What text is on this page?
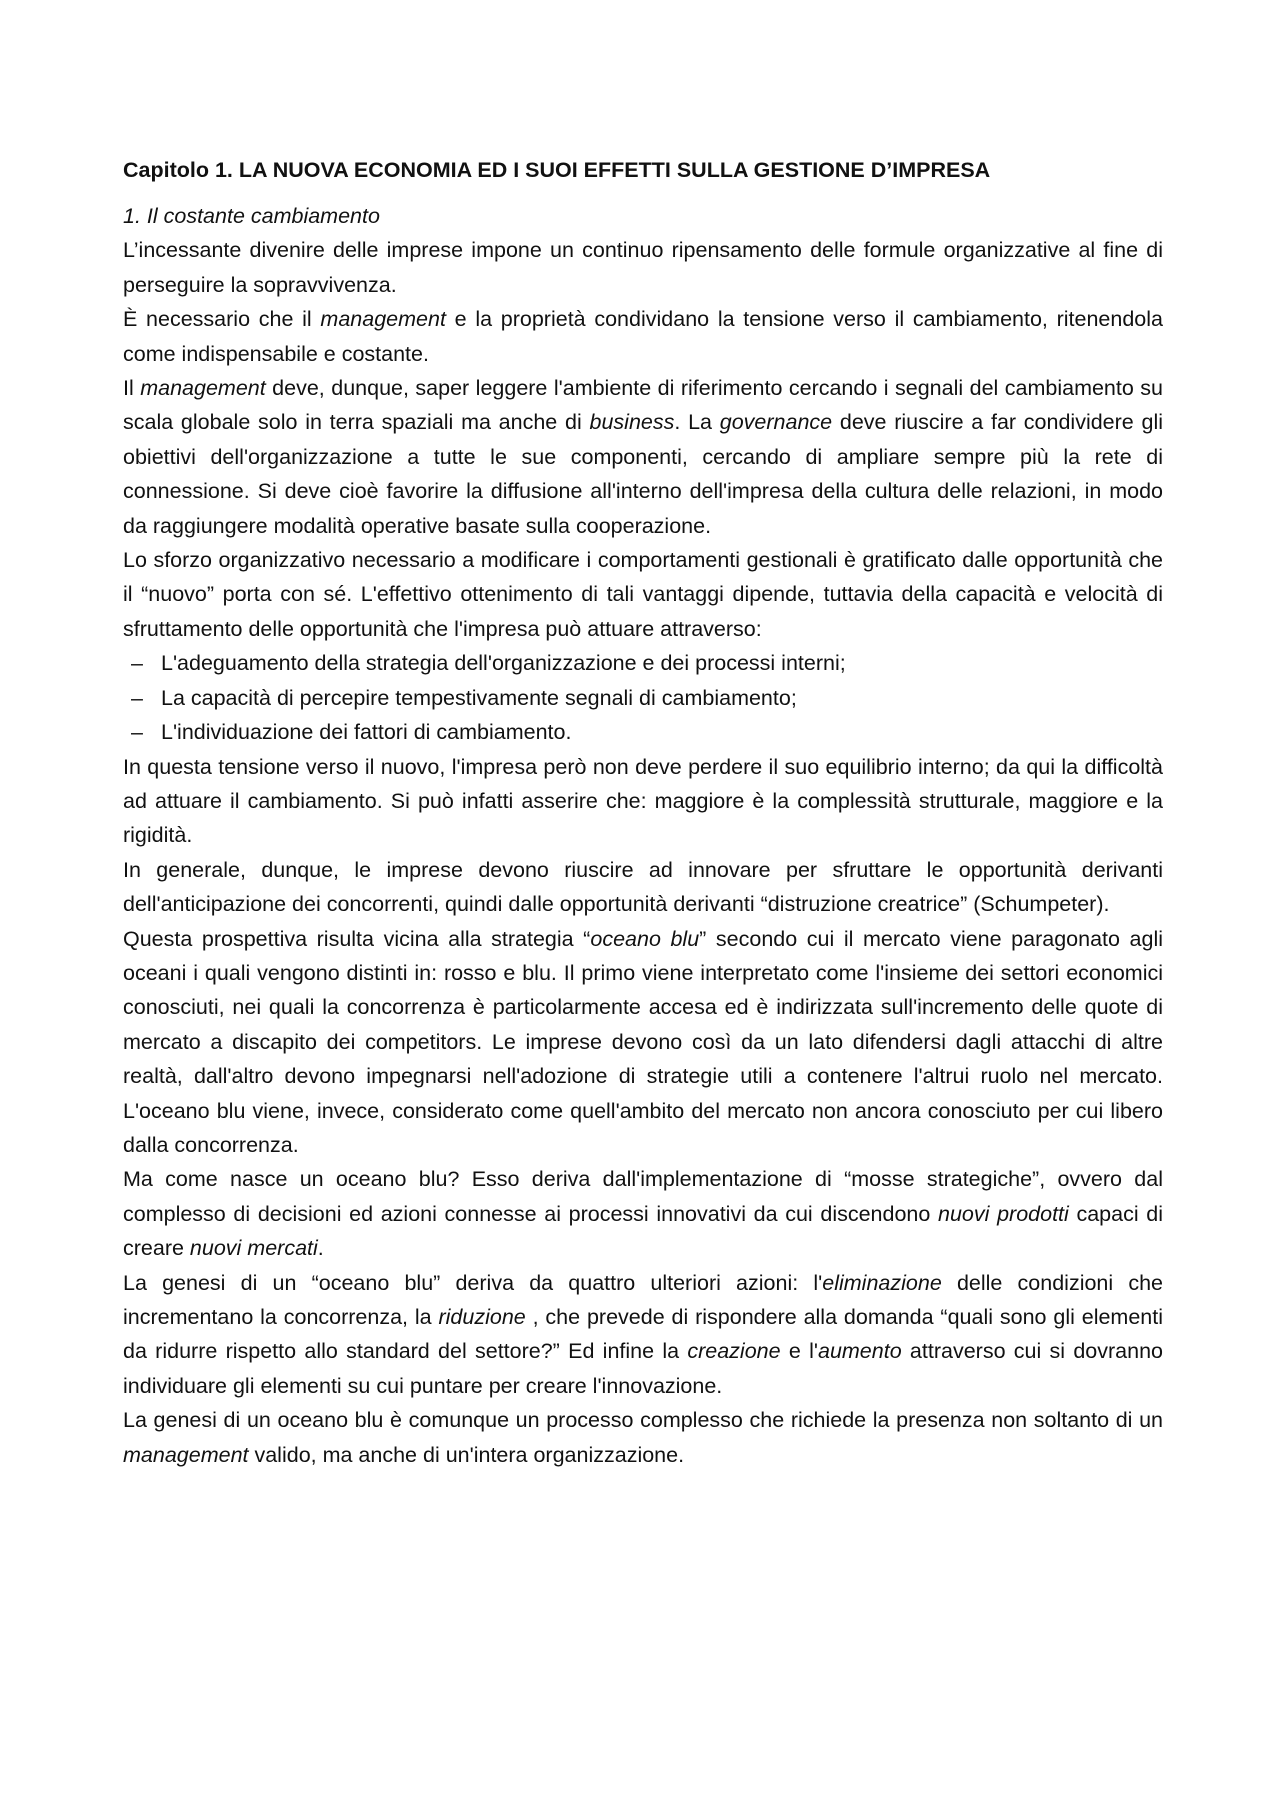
Capitolo 1. LA NUOVA ECONOMIA ED I SUOI EFFETTI SULLA GESTIONE D’IMPRESA
1. Il costante cambiamento

L’incessante divenire delle imprese impone un continuo ripensamento delle formule organizzative al fine di perseguire la sopravvivenza.

È necessario che il management e la proprietà condividano la tensione verso il cambiamento, ritenendola come indispensabile e costante.

Il management deve, dunque, saper leggere l'ambiente di riferimento cercando i segnali del cambiamento su scala globale solo in terra spaziali ma anche di business. La governance deve riuscire a far condividere gli obiettivi dell'organizzazione a tutte le sue componenti, cercando di ampliare sempre più la rete di connessione. Si deve cioè favorire la diffusione all'interno dell'impresa della cultura delle relazioni, in modo da raggiungere modalità operative basate sulla cooperazione.

Lo sforzo organizzativo necessario a modificare i comportamenti gestionali è gratificato dalle opportunità che il “nuovo” porta con sé. L'effettivo ottenimento di tali vantaggi dipende, tuttavia della capacità e velocità di sfruttamento delle opportunità che l'impresa può attuare attraverso:

– L'adeguamento della strategia dell'organizzazione e dei processi interni;
– La capacità di percepire tempestivamente segnali di cambiamento;
– L'individuazione dei fattori di cambiamento.

In questa tensione verso il nuovo, l'impresa però non deve perdere il suo equilibrio interno; da qui la difficoltà ad attuare il cambiamento. Si può infatti asserire che: maggiore è la complessità strutturale, maggiore e la rigidità.

In generale, dunque, le imprese devono riuscire ad innovare per sfruttare le opportunità derivanti dell'anticipazione dei concorrenti, quindi dalle opportunità derivanti “distruzione creatrice” (Schumpeter).

Questa prospettiva risulta vicina alla strategia “oceano blu” secondo cui il mercato viene paragonato agli oceani i quali vengono distinti in: rosso e blu. Il primo viene interpretato come l'insieme dei settori economici conosciuti, nei quali la concorrenza è particolarmente accesa ed è indirizzata sull'incremento delle quote di mercato a discapito dei competitors. Le imprese devono così da un lato difendersi dagli attacchi di altre realtà, dall'altro devono impegnarsi nell'adozione di strategie utili a contenere l'altrui ruolo nel mercato. L'oceano blu viene, invece, considerato come quell'ambito del mercato non ancora conosciuto per cui libero dalla concorrenza.

Ma come nasce un oceano blu? Esso deriva dall'implementazione di “mosse strategiche”, ovvero dal complesso di decisioni ed azioni connesse ai processi innovativi da cui discendono nuovi prodotti capaci di creare nuovi mercati.

La genesi di un “oceano blu” deriva da quattro ulteriori azioni: l'eliminazione delle condizioni che incrementano la concorrenza, la riduzione , che prevede di rispondere alla domanda “quali sono gli elementi da ridurre rispetto allo standard del settore?” Ed infine la creazione e l'aumento attraverso cui si dovranno individuare gli elementi su cui puntare per creare l'innovazione.

La genesi di un oceano blu è comunque un processo complesso che richiede la presenza non soltanto di un management valido, ma anche di un'intera organizzazione.
